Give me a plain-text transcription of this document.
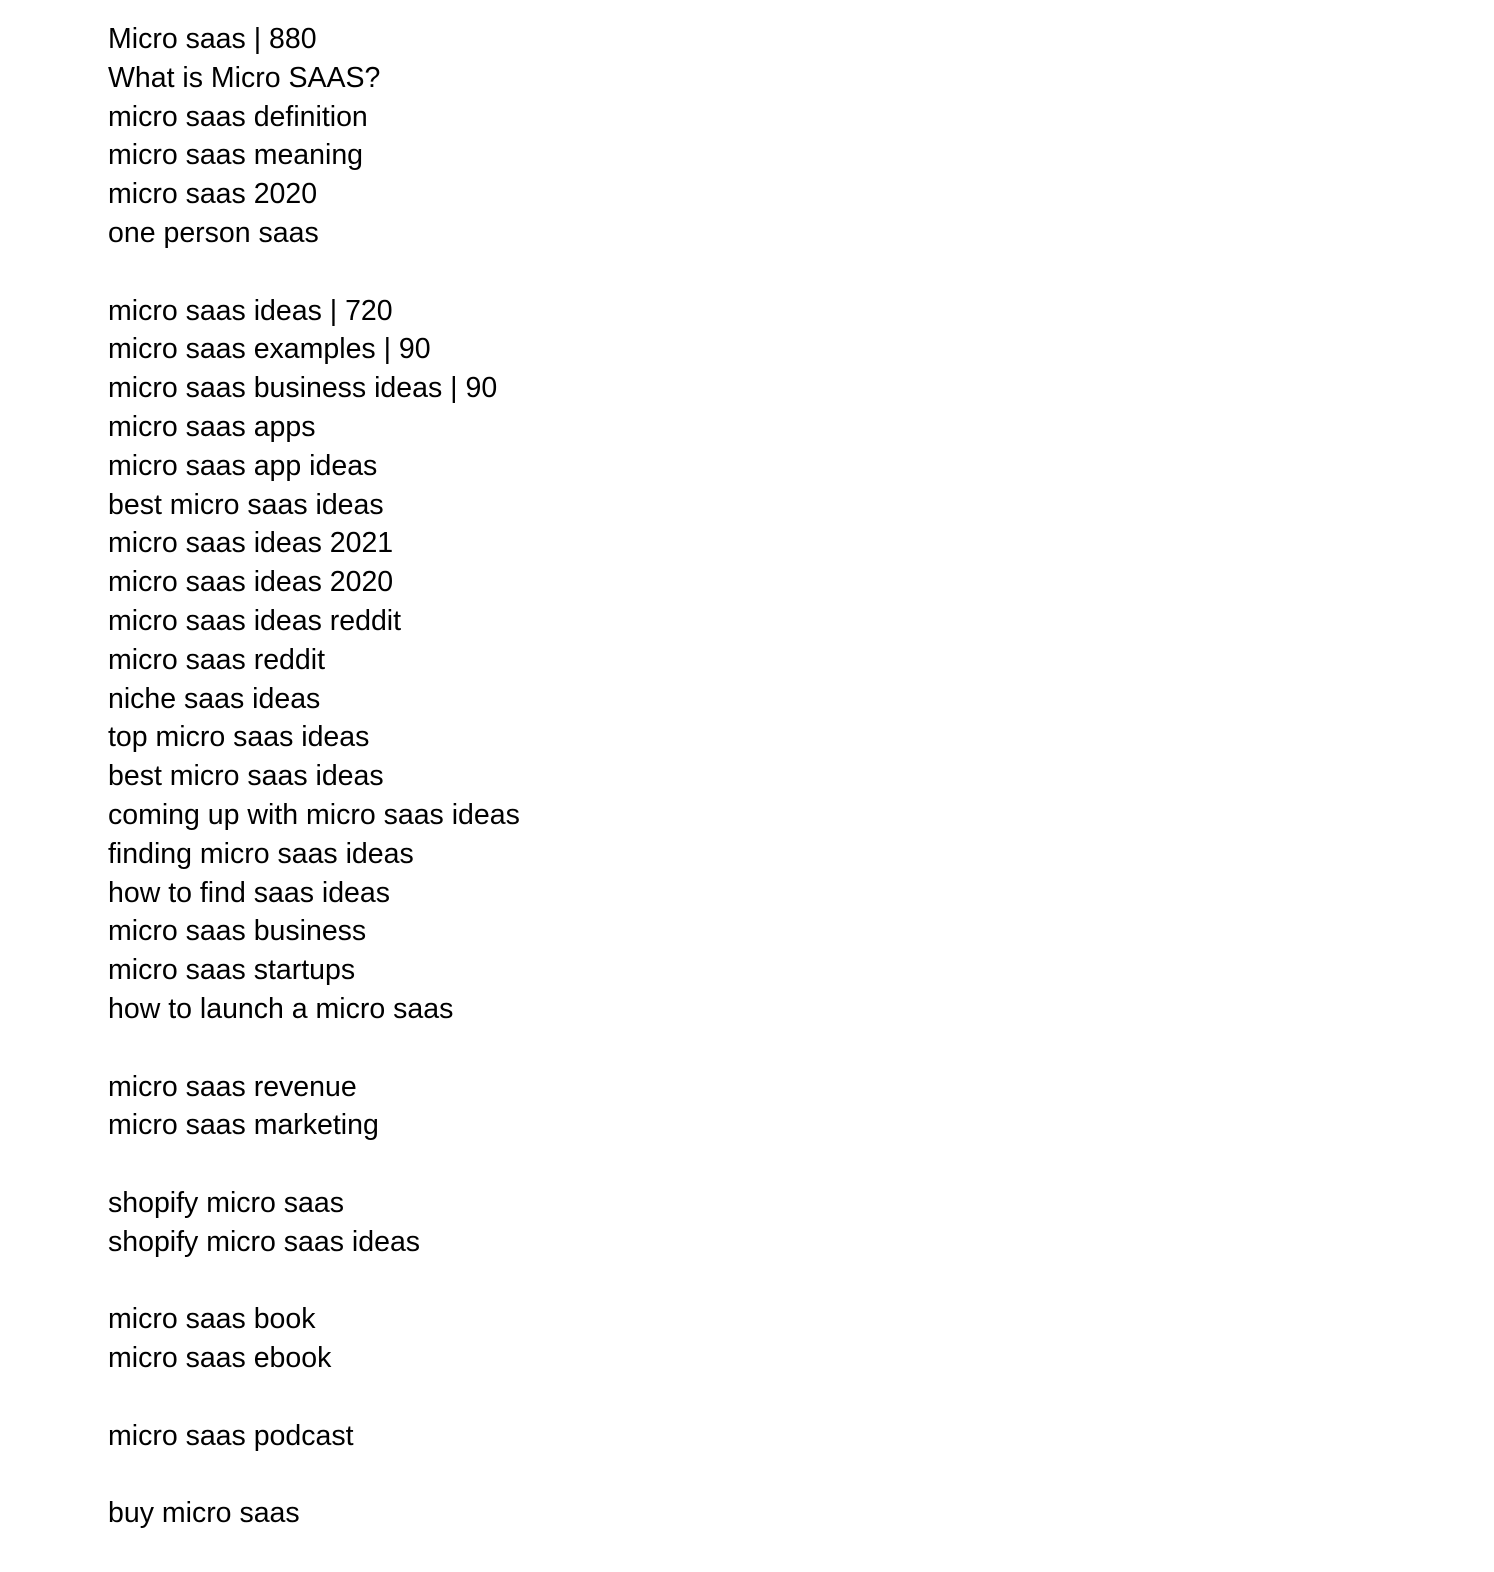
Micro saas | 880
What is Micro SAAS?
micro saas definition
micro saas meaning
micro saas 2020
one person saas
micro saas ideas | 720
micro saas examples | 90
micro saas business ideas | 90
micro saas apps
micro saas app ideas
best micro saas ideas
micro saas ideas 2021
micro saas ideas 2020
micro saas ideas reddit
micro saas reddit
niche saas ideas
top micro saas ideas
best micro saas ideas
coming up with micro saas ideas
finding micro saas ideas
how to find saas ideas
micro saas business
micro saas startups
how to launch a micro saas
micro saas revenue
micro saas marketing
shopify micro saas
shopify micro saas ideas
micro saas book
micro saas ebook
micro saas podcast
buy micro saas
